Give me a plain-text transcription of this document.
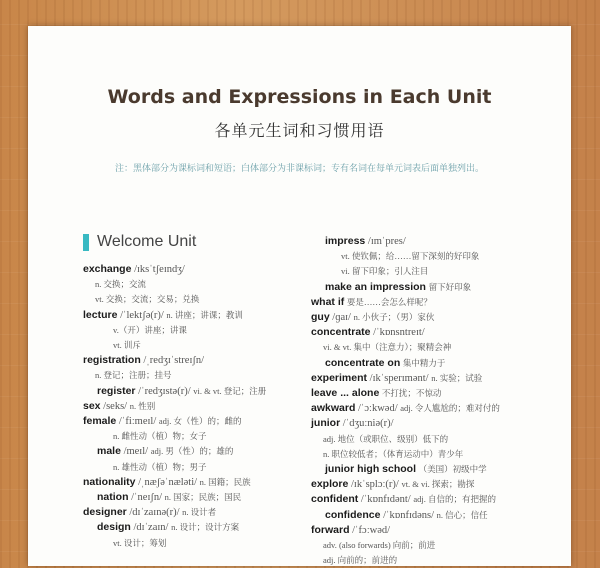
Words and Expressions in Each Unit
各单元生词和习惯用语
注：黑体部分为课标词和短语；白体部分为非课标词；专有名词在每单元词表后面单独列出。
Welcome Unit
exchange /ɪksˈtʃeɪndʒ/
n. 交换；交流
vt. 交换；交流；交易；兑换
lecture /ˈlektʃə(r)/ n. 讲座；讲课；教训
v.（开）讲座；讲课
vt. 训斥
registration /ˌredʒɪˈstreɪʃn/
n. 登记；注册；挂号
register /ˈredʒɪstə(r)/ vi. & vt. 登记；注册
sex /seks/ n. 性别
female /ˈfiːmeɪl/ adj. 女（性）的；雌的
n. 雌性动（植）物；女子
male /meɪl/ adj. 男（性）的；雄的
n. 雄性动（植）物；男子
nationality /ˌnæʃəˈnæləti/ n. 国籍；民族
nation /ˈneɪʃn/ n. 国家；民族；国民
designer /dɪˈzaɪnə(r)/ n. 设计者
design /dɪˈzaɪn/ n. 设计；设计方案
vt. 设计；筹划
impress /ɪmˈpres/
vt. 使钦佩；给……留下深刻的好印象
vi. 留下印象；引人注目
make an impression 留下好印象
what if 要是……会怎么样呢？
guy /ɡaɪ/ n. 小伙子；（男）家伙
concentrate /ˈkɒnsntreɪt/
vi. & vt. 集中（注意力）；聚精会神
concentrate on 集中精力于
experiment /ɪkˈsperɪmənt/ n. 实验；试验
leave ... alone 不打扰；不惊动
awkward /ˈɔːkwəd/ adj. 令人尴尬的；难对付的
junior /ˈdʒuːniə(r)/
adj. 地位（或职位、级别）低下的
n. 职位较低者；（体育运动中）青少年
junior high school （美国）初级中学
explore /ɪkˈsplɔː(r)/ vt. & vi. 探索；勘探
confident /ˈkɒnfɪdənt/ adj. 自信的；有把握的
confidence /ˈkɒnfɪdəns/ n. 信心；信任
forward /ˈfɔːwəd/
adv. (also forwards) 向前；前进
adj. 向前的；前进的
